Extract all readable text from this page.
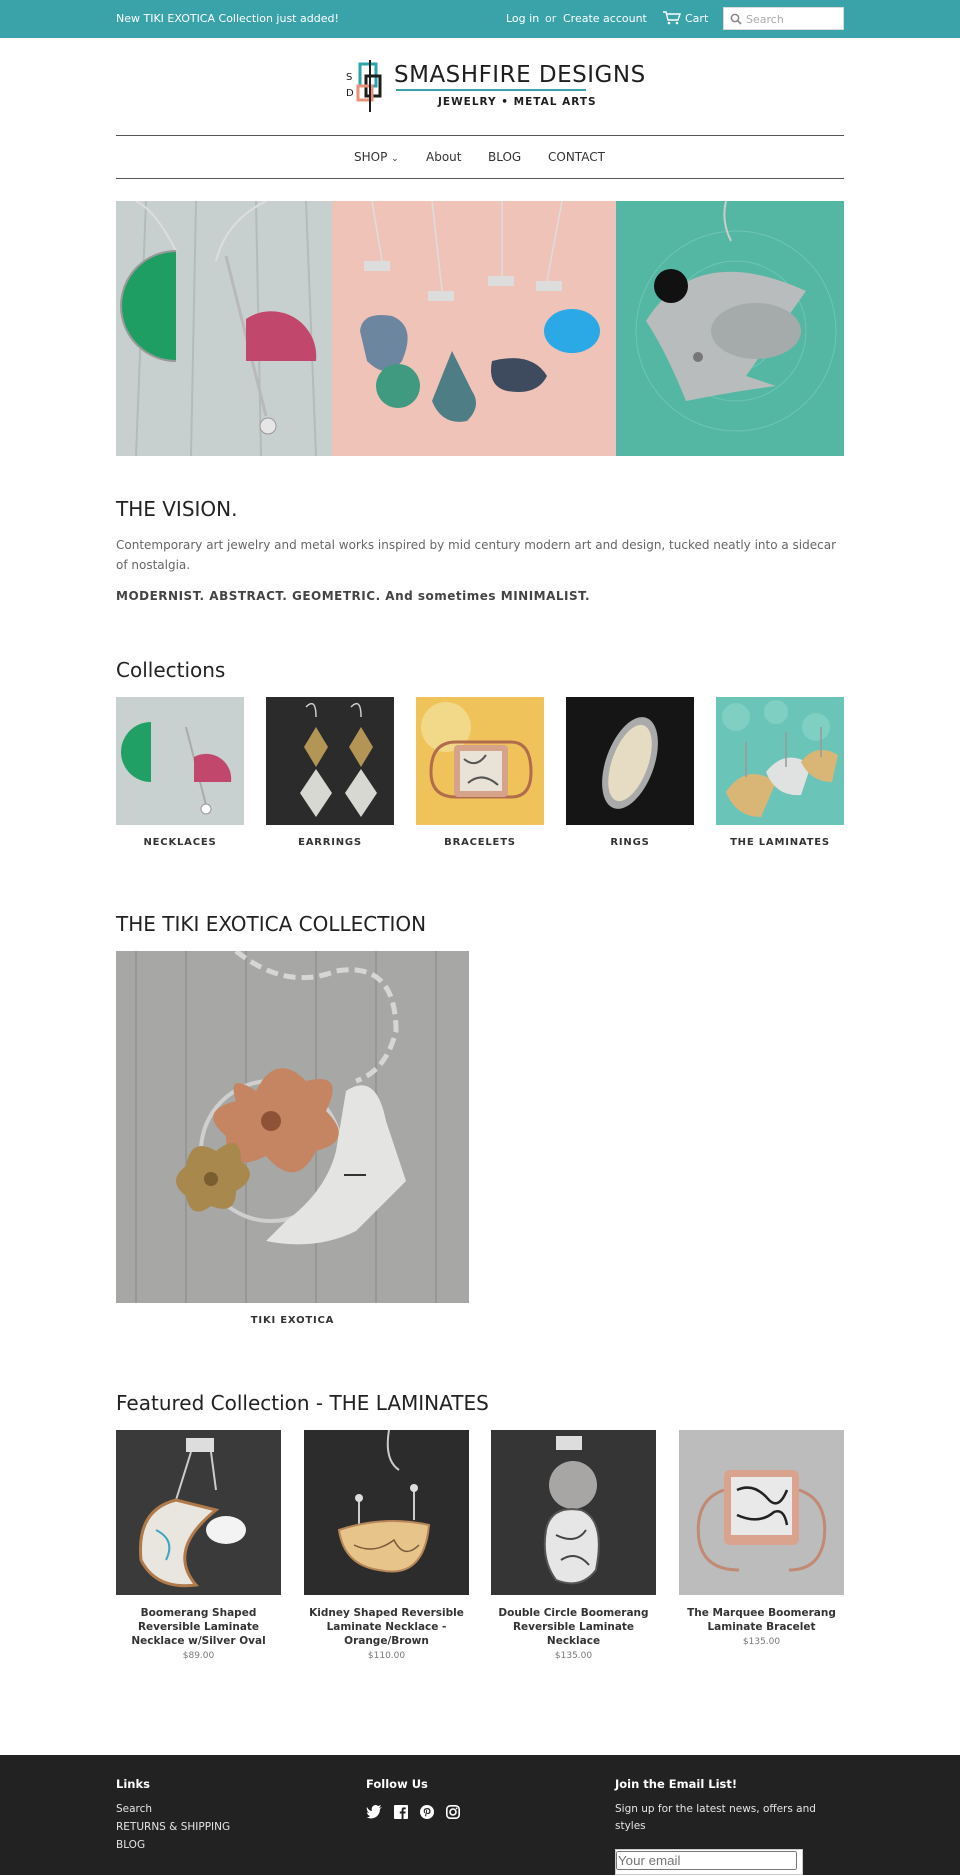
New TIKI EXOTICA Collection just added!	Log in or Create account	Cart
Search
S
D
SMASHFIRE DESIGNS
JEWELRY • METAL ARTS
SHOP ⌄ About BLOG CONTACT
THE VISION.
Contemporary art jewelry and metal works inspired by mid century modern art and design, tucked neatly into a sidecar of nostalgia.
MODERNIST. ABSTRACT. GEOMETRIC. And sometimes MINIMALIST.
Collections
NECKLACES	EARRINGS	BRACELETS	RINGS	THE LAMINATES
THE TIKI EXOTICA COLLECTION
TIKI EXOTICA
Featured Collection - THE LAMINATES
Boomerang Shaped Reversible Laminate Necklace w/Silver Oval
$89.00
Kidney Shaped Reversible Laminate Necklace - Orange/Brown
$110.00
Double Circle Boomerang Reversible Laminate Necklace
$135.00
The Marquee Boomerang Laminate Bracelet
$135.00
Links
Search
RETURNS & SHIPPING
BLOG
Follow Us	Join the Email List!
Sign up for the latest news, offers and styles
Your email
